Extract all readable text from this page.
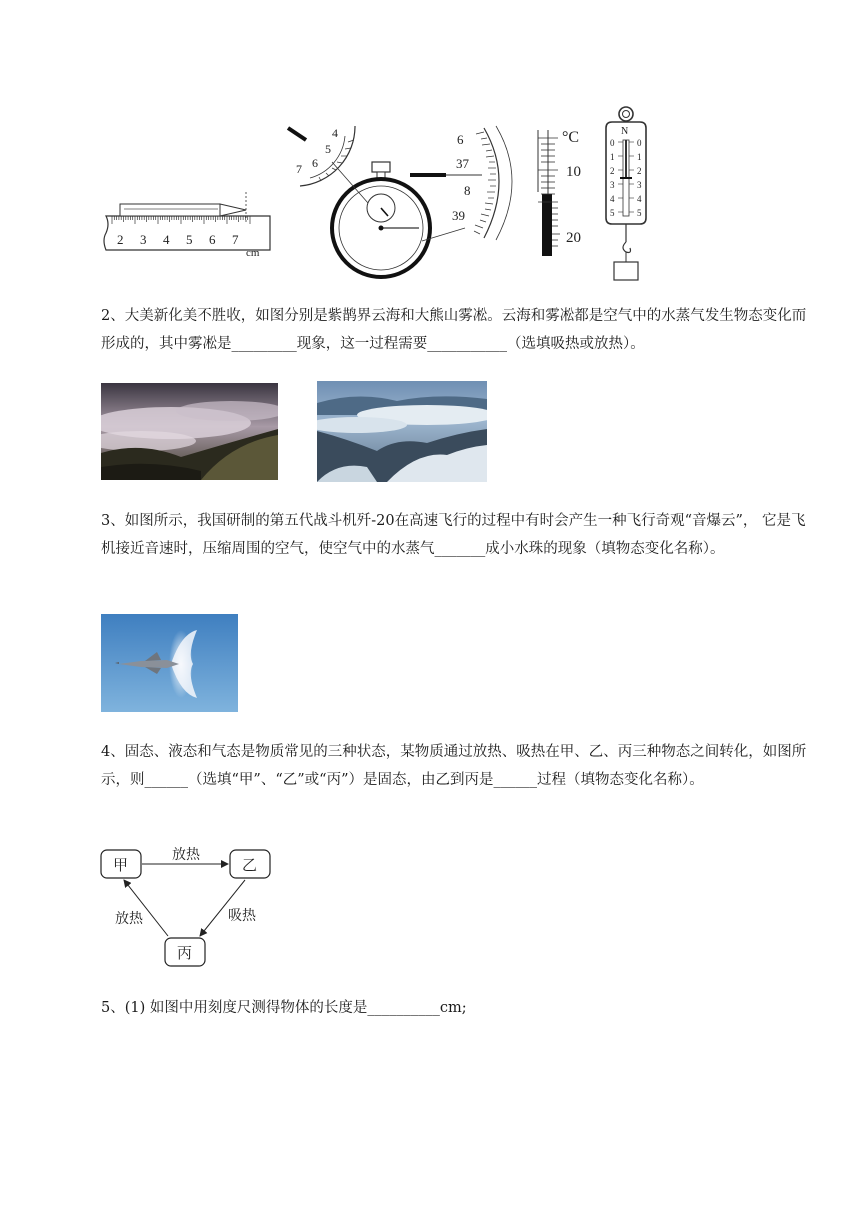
2 3 4 5 6 7
cm
4
5
6
7
6
37
8
39
°C
10
20
N
0
1
2
3
4
5
0
1
2
3
4
5
2、大美新化美不胜收，如图分别是紫鹊界云海和大熊山雾凇。云海和雾凇都是空气中的水蒸气发生物态变化而形成的，其中雾凇是_________现象，这一过程需要___________（选填吸热或放热）。
3、如图所示，我国研制的第五代战斗机歼-20在高速飞行的过程中有时会产生一种飞行奇观“音爆云”， 它是飞机接近音速时，压缩周围的空气，使空气中的水蒸气_______成小水珠的现象（填物态变化名称）。
4、固态、液态和气态是物质常见的三种状态，某物质通过放热、吸热在甲、乙、丙三种物态之间转化，如图所示，则______（选填“甲”、“乙”或“丙”）是固态，由乙到丙是______过程（填物态变化名称）。
甲	乙
丙
放热
吸热
放热
5、(1) 如图中用刻度尺测得物体的长度是__________cm;
